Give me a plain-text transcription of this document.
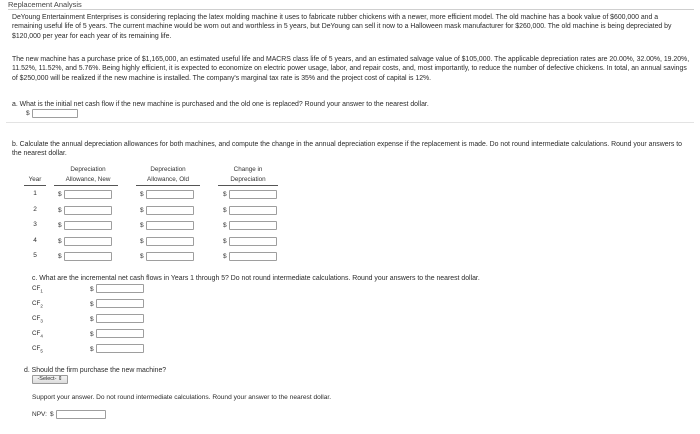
Replacement Analysis
DeYoung Entertainment Enterprises is considering replacing the latex molding machine it uses to fabricate rubber chickens with a newer, more efficient model. The old machine has a book value of $600,000 and a remaining useful life of 5 years. The current machine would be worn out and worthless in 5 years, but DeYoung can sell it now to a Halloween mask manufacturer for $260,000. The old machine is being depreciated by $120,000 per year for each year of its remaining life.
The new machine has a purchase price of $1,165,000, an estimated useful life and MACRS class life of 5 years, and an estimated salvage value of $105,000. The applicable depreciation rates are 20.00%, 32.00%, 19.20%, 11.52%, 11.52%, and 5.76%. Being highly efficient, it is expected to economize on electric power usage, labor, and repair costs, and, most importantly, to reduce the number of defective chickens. In total, an annual savings of $250,000 will be realized if the new machine is installed. The company's marginal tax rate is 35% and the project cost of capital is 12%.
a. What is the initial net cash flow if the new machine is purchased and the old one is replaced? Round your answer to the nearest dollar.
$
b. Calculate the annual depreciation allowances for both machines, and compute the change in the annual depreciation expense if the replacement is made. Do not round intermediate calculations. Round your answers to the nearest dollar.
Year
Depreciation
Allowance, New
Depreciation
Allowance, Old
Change in
Depreciation
1	$	$	$
2	$	$	$
3	$	$	$
4	$	$	$
5	$	$	$
c. What are the incremental net cash flows in Years 1 through 5? Do not round intermediate calculations. Round your answers to the nearest dollar.
$CF_1$	$
$CF_2$	$
$CF_3$	$
$CF_4$	$
$CF_5$	$
d. Should the firm purchase the new machine?
-Select- ⇕
Support your answer. Do not round intermediate calculations. Round your answer to the nearest dollar.
NPV: $
